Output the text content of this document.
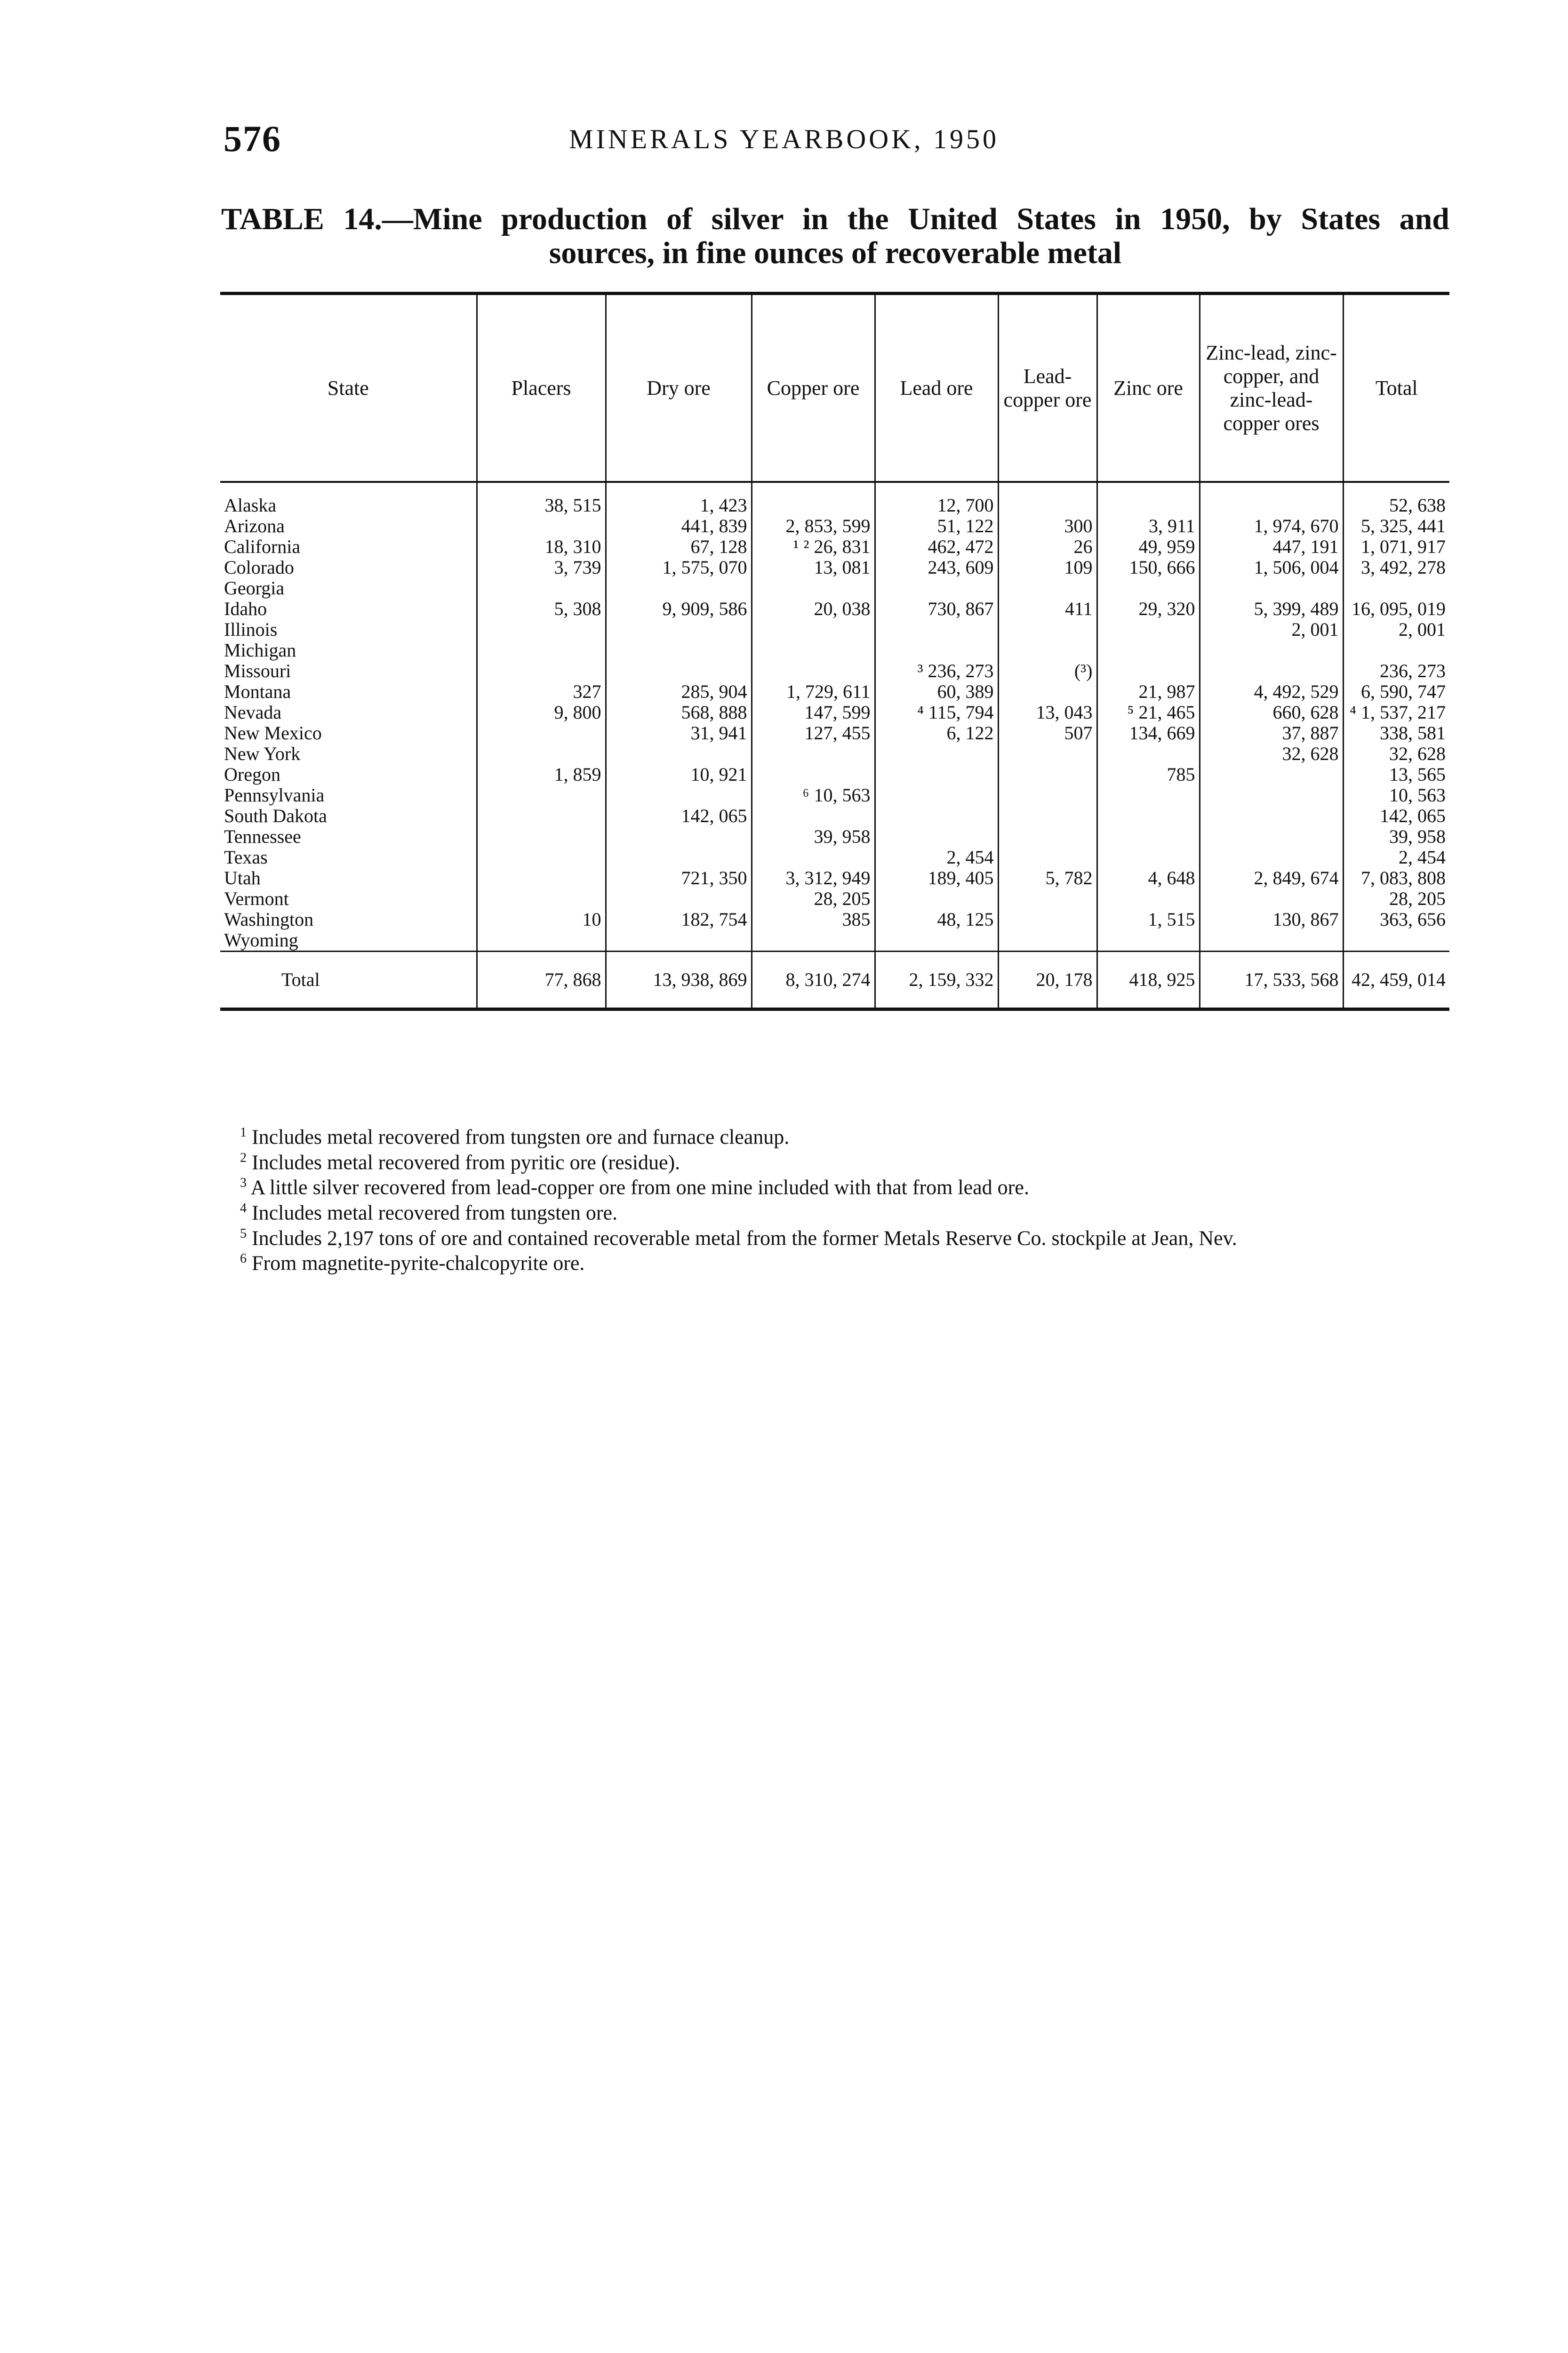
576	MINERALS YEARBOOK, 1950
TABLE 14.—Mine production of silver in the United States in 1950, by States and
sources, in fine ounces of recoverable metal
State	Placers	Dry ore	Copper ore	Lead ore	Lead-copper ore	Zinc ore	Zinc-lead, zinc-copper, and zinc-lead-copper ores	Total
Alaska	38, 515	1, 423		12, 700				52, 638
Arizona		441, 839	2, 853, 599	51, 122	300	3, 911	1, 974, 670	5, 325, 441
California	18, 310	67, 128	¹ ² 26, 831	462, 472	26	49, 959	447, 191	1, 071, 917
Colorado	3, 739	1, 575, 070	13, 081	243, 609	109	150, 666	1, 506, 004	3, 492, 278
Georgia								
Idaho	5, 308	9, 909, 586	20, 038	730, 867	411	29, 320	5, 399, 489	16, 095, 019
Illinois							2, 001	2, 001
Michigan								
Missouri				³ 236, 273	(³)			236, 273
Montana	327	285, 904	1, 729, 611	60, 389		21, 987	4, 492, 529	6, 590, 747
Nevada	9, 800	568, 888	147, 599	⁴ 115, 794	13, 043	⁵ 21, 465	660, 628	⁴ 1, 537, 217
New Mexico		31, 941	127, 455	6, 122	507	134, 669	37, 887	338, 581
New York							32, 628	32, 628
Oregon	1, 859	10, 921				785		13, 565
Pennsylvania			⁶ 10, 563					10, 563
South Dakota		142, 065						142, 065
Tennessee			39, 958					39, 958
Texas				2, 454				2, 454
Utah		721, 350	3, 312, 949	189, 405	5, 782	4, 648	2, 849, 674	7, 083, 808
Vermont			28, 205					28, 205
Washington	10	182, 754	385	48, 125		1, 515	130, 867	363, 656
Wyoming								
Total	77, 868	13, 938, 869	8, 310, 274	2, 159, 332	20, 178	418, 925	17, 533, 568	42, 459, 014

$^1$ Includes metal recovered from tungsten ore and furnace cleanup.

$^2$ Includes metal recovered from pyritic ore (residue).

$^3$ A little silver recovered from lead-copper ore from one mine included with that from lead ore.

$^4$ Includes metal recovered from tungsten ore.

$^5$ Includes 2,197 tons of ore and contained recoverable metal from the former Metals Reserve Co. stockpile at Jean, Nev.

$^6$ From magnetite-pyrite-chalcopyrite ore.
